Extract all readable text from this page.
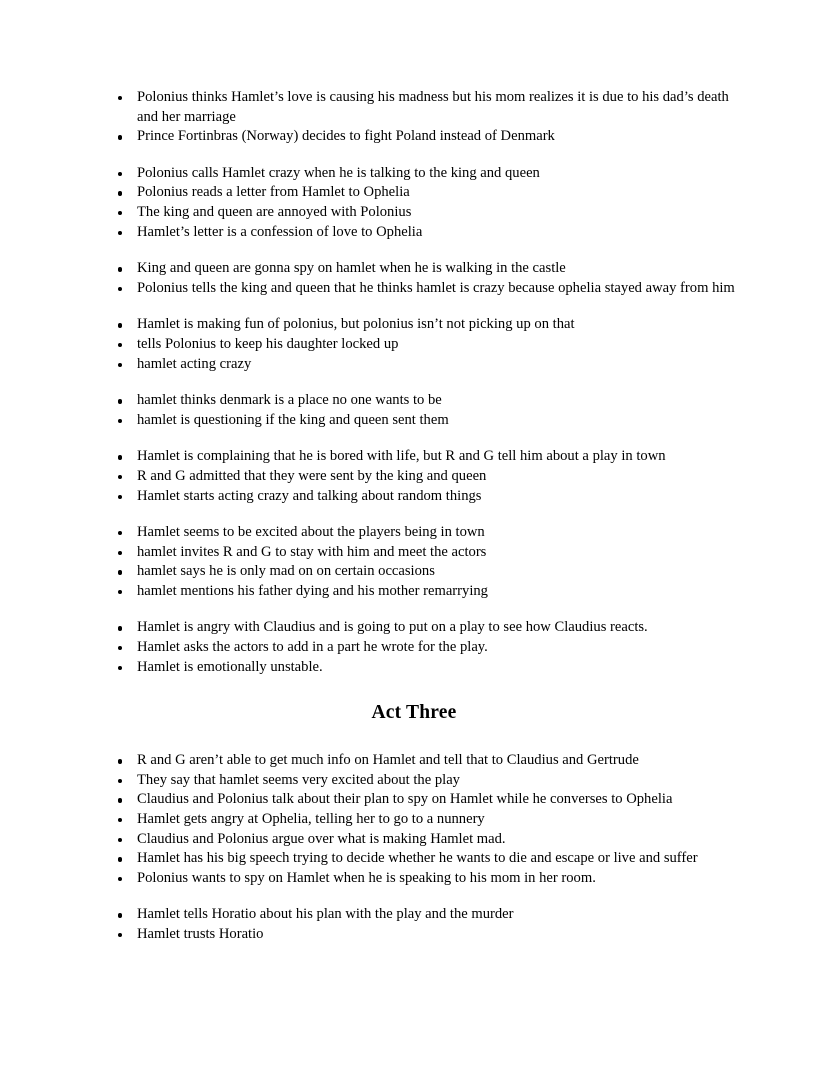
Polonius thinks Hamlet’s love is causing his madness but his mom realizes it is due to his dad’s death and her marriage
Prince Fortinbras (Norway) decides to fight Poland instead of Denmark
Polonius calls Hamlet crazy when he is talking to the king and queen
Polonius reads a letter from Hamlet to Ophelia
The king and queen are annoyed with Polonius
Hamlet’s letter is a confession of love to Ophelia
King and queen are gonna spy on hamlet when he is walking in the castle
Polonius tells the king and queen that he thinks hamlet is crazy because ophelia stayed away from him
Hamlet is making fun of polonius, but polonius isn’t not picking up on that
tells Polonius to keep his daughter locked up
hamlet acting crazy
hamlet thinks denmark is a place no one wants to be
hamlet is questioning if the king and queen sent them
Hamlet is complaining that he is bored with life, but R and G tell him about a play in town
R and G admitted that they were sent by the king and queen
Hamlet starts acting crazy and talking about random things
Hamlet seems to be excited about the players being in town
hamlet invites R and G to stay with him and meet the actors
hamlet says he is only mad on on certain occasions
hamlet mentions his father dying and his mother remarrying
Hamlet is angry with Claudius and is going to put on a play to see how Claudius reacts.
Hamlet asks the actors to add in a part he wrote for the play.
Hamlet is emotionally unstable.
Act Three
R and G aren’t able to get much info on Hamlet and tell that to Claudius and Gertrude
They say that hamlet seems very excited about the play
Claudius and Polonius talk about their plan to spy on Hamlet while he converses to Ophelia
Hamlet gets angry at Ophelia, telling her to go to a nunnery
Claudius and Polonius argue over what is making Hamlet mad.
Hamlet has his big speech trying to decide whether he wants to die and escape or live and suffer
Polonius wants to spy on Hamlet when he is speaking to his mom in her room.
Hamlet tells Horatio about his plan with the play and the murder
Hamlet trusts Horatio
